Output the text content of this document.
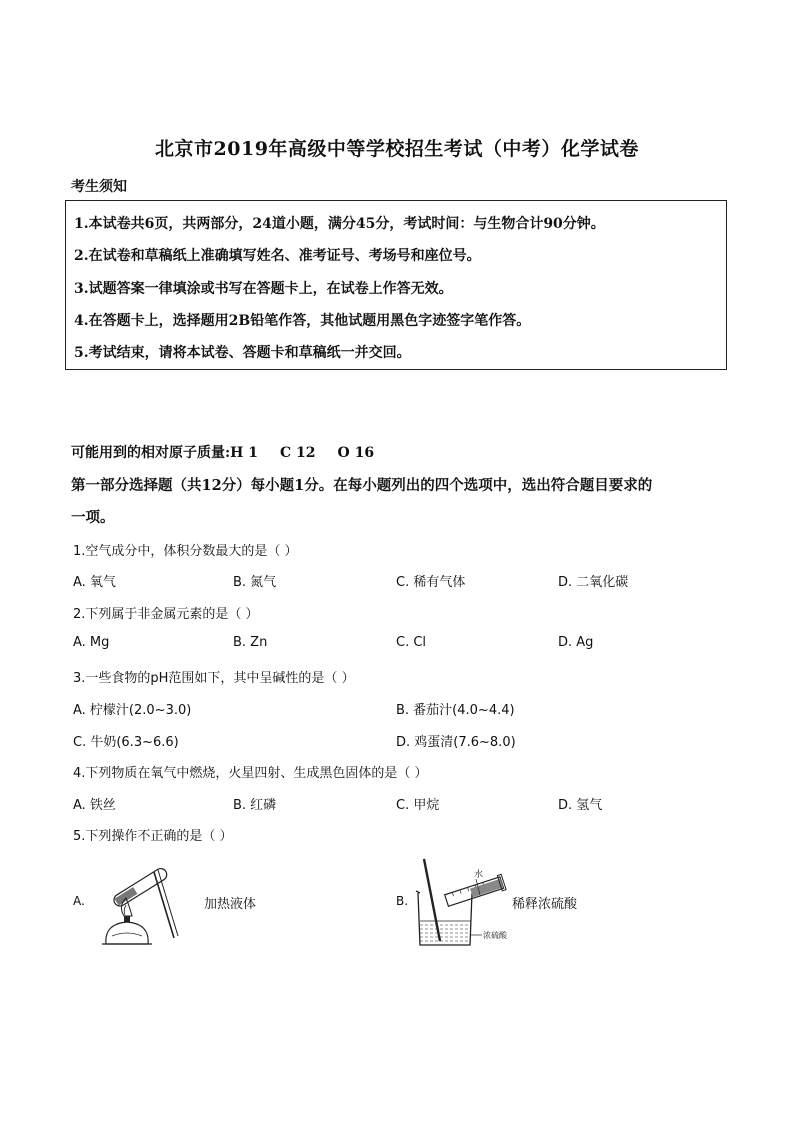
北京市2019年高级中等学校招生考试（中考）化学试卷
考生须知
1.本试卷共6页，共两部分，24道小题，满分45分，考试时间：与生物合计90分钟。
2.在试卷和草稿纸上准确填写姓名、准考证号、考场号和座位号。
3.试题答案一律填涂或书写在答题卡上，在试卷上作答无效。
4.在答题卡上，选择题用2B铅笔作答，其他试题用黑色字迹签字笔作答。
5.考试结束，请将本试卷、答题卡和草稿纸一并交回。
可能用到的相对原子质量:H 1 C 12 O 16
第一部分选择题（共12分）每小题1分。在每小题列出的四个选项中，选出符合题目要求的
一项。
1.空气成分中，体积分数最大的是（ ）
A. 氧气	B. 氮气	C. 稀有气体	D. 二氧化碳
2.下列属于非金属元素的是（ ）
A. Mg	B. Zn	C. Cl	D. Ag
3.一些食物的pH范围如下，其中呈碱性的是（ ）
A. 柠檬汁(2.0~3.0)	B. 番茄汁(4.0~4.4)
C. 牛奶(6.3~6.6)	D. 鸡蛋清(7.6~8.0)
4.下列物质在氧气中燃烧，火星四射、生成黑色固体的是（ ）
A. 铁丝	B. 红磷	C. 甲烷	D. 氢气
5.下列操作不正确的是（ ）
A.	B.
加热液体
水
浓硫酸
稀释浓硫酸
